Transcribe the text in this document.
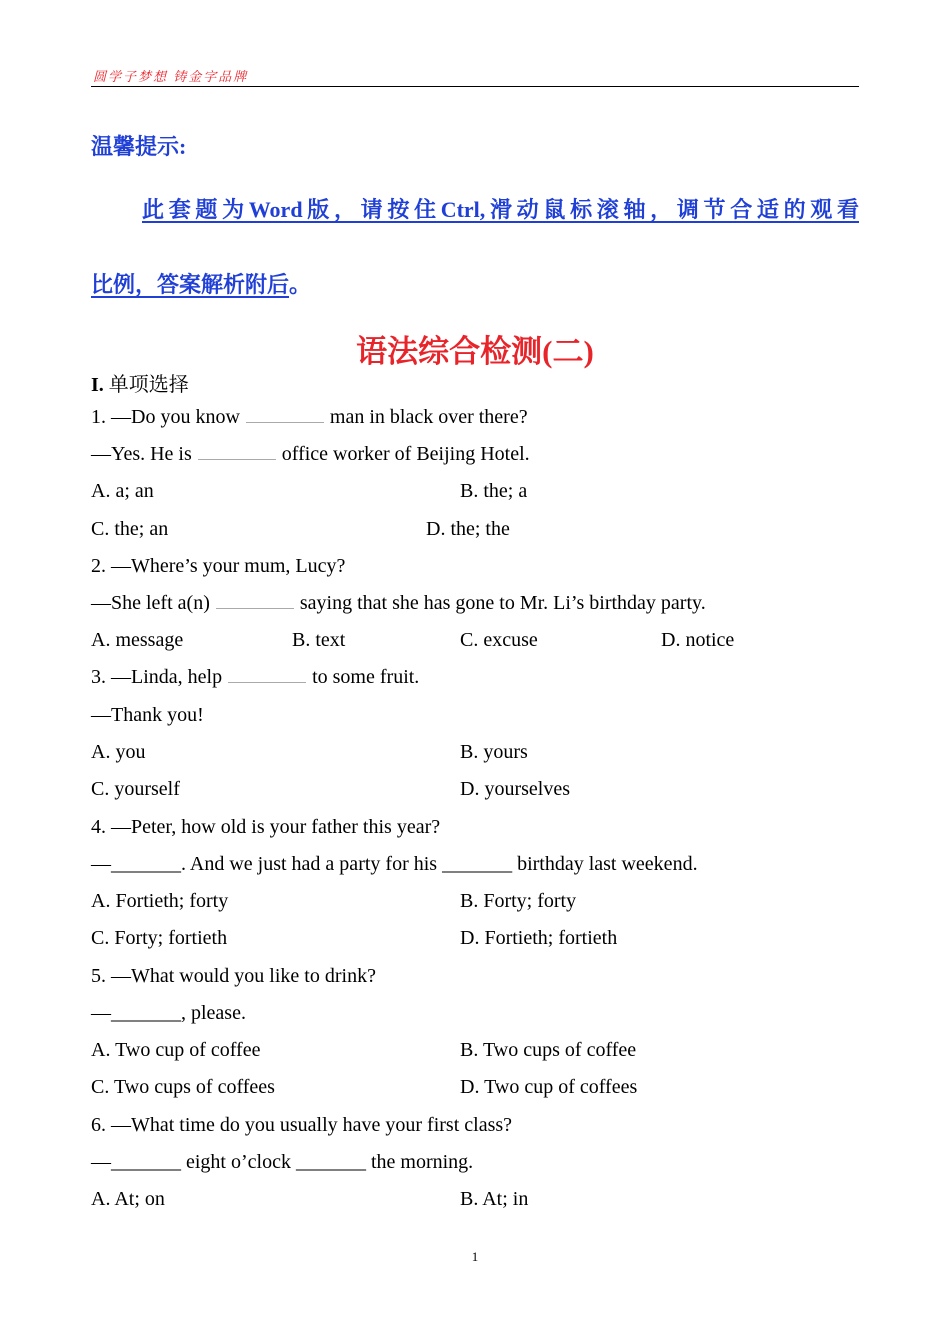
圆学子梦想 铸金字品牌
温馨提示:
此套题为Word版，请按住Ctrl,滑动鼠标滚轴，调节合适的观看
比例，答案解析附后。
语法综合检测(二)
I. 单项选择
1. —Do you know	man in black over there?
—Yes. He is	office worker of Beijing Hotel.
A. a; an	B. the; a
C. the; an	D. the; the
2. —Where’s your mum, Lucy?
—She left a(n)	saying that she has gone to Mr. Li’s birthday party.
A. message	B. text	C. excuse	D. notice
3. —Linda, help	to some fruit.
—Thank you!
A. you	B. yours
C. yourself	D. yourselves
4. —Peter, how old is your father this year?
—_______. And we just had a party for his _______ birthday last weekend.
A. Fortieth; forty	B. Forty; forty
C. Forty; fortieth	D. Fortieth; fortieth
5. —What would you like to drink?
—_______, please.
A. Two cup of coffee	B. Two cups of coffee
C. Two cups of coffees	D. Two cup of coffees
6. —What time do you usually have your first class?
—_______ eight o’clock _______ the morning.
A. At; on	B. At; in
1
